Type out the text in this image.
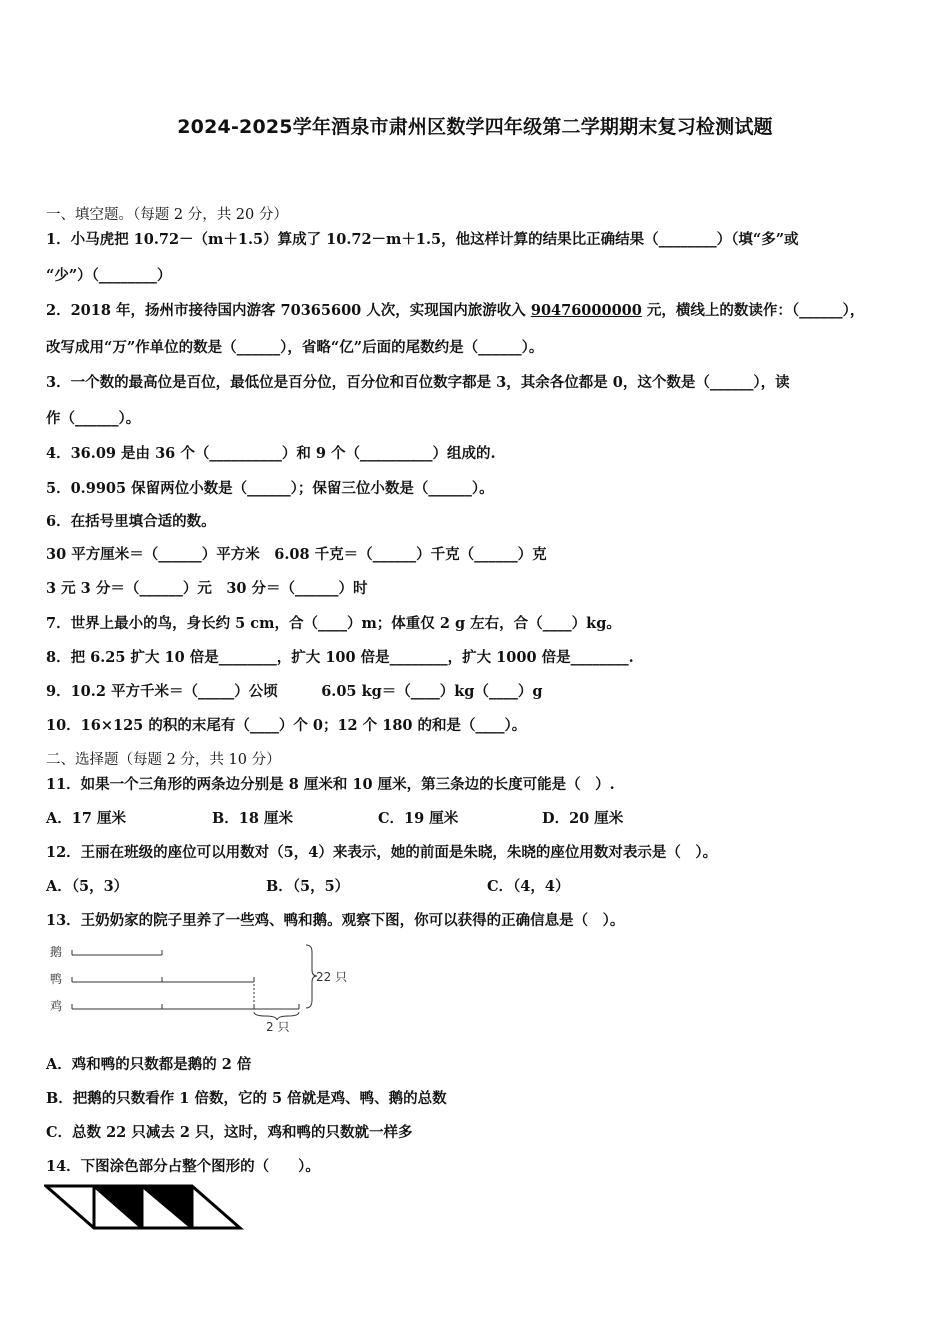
2024-2025学年酒泉市肃州区数学四年级第二学期期末复习检测试题
一、填空题。（每题 2 分，共 20 分）
1．小马虎把 10.72－（m＋1.5）算成了 10.72－m＋1.5，他这样计算的结果比正确结果（________）（填“多”或
“少”）（________）
2．2018 年，扬州市接待国内游客 70365600 人次，实现国内旅游收入 90476000000 元，横线上的数读作：（______），
改写成用“万”作单位的数是（______），省略“亿”后面的尾数约是（______）。
3．一个数的最高位是百位，最低位是百分位，百分位和百位数字都是 3，其余各位都是 0，这个数是（______），读
作（______）。
4．36.09 是由 36 个（__________）和 9 个（__________）组成的.
5．0.9905 保留两位小数是（______）；保留三位小数是（______）。
6．在括号里填合适的数。
30 平方厘米＝（______）平方米　6.08 千克＝（______）千克（______）克
3 元 3 分＝（______）元　30 分＝（______）时
7．世界上最小的鸟，身长约 5 cm，合（____）m；体重仅 2 g 左右，合（____）kg。
8．把 6.25 扩大 10 倍是________，扩大 100 倍是________，扩大 1000 倍是________.
9．10.2 平方千米＝（_____）公顷　　　6.05 kg＝（____）kg（____）g
10．16×125 的积的末尾有（____）个 0；12 个 180 的和是（____）。
二、选择题（每题 2 分，共 10 分）
11．如果一个三角形的两条边分别是 8 厘米和 10 厘米，第三条边的长度可能是（　）.
A．17 厘米	B．18 厘米	C．19 厘米	D．20 厘米
12．王丽在班级的座位可以用数对（5，4）来表示，她的前面是朱晓，朱晓的座位用数对表示是（　）。
A．（5，3）	B．（5，5）	C．（4，4）
13．王奶奶家的院子里养了一些鸡、鸭和鹅。观察下图，你可以获得的正确信息是（　）。
鹅
鸭
鸡
22 只
2 只
A．鸡和鸭的只数都是鹅的 2 倍
B．把鹅的只数看作 1 倍数，它的 5 倍就是鸡、鸭、鹅的总数
C．总数 22 只减去 2 只，这时，鸡和鸭的只数就一样多
14．下图涂色部分占整个图形的（　　）。
